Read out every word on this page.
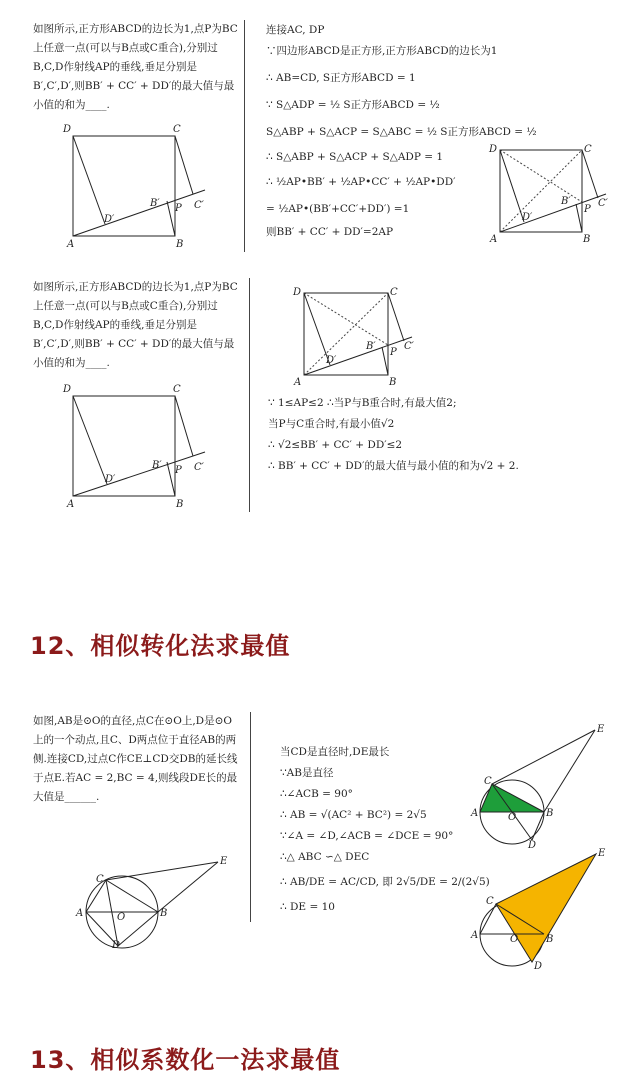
如图所示,正方形ABCD的边长为1,点P为BC上任意一点(可以与B点或C重合),分别过B,C,D作射线AP的垂线,垂足分别是B′,C′,D′,则BB′ + CC′ + DD′的最大值与最小值的和为____.
D	C
A	B
D′
B′ P C′
连接AC, DP
∵四边形ABCD是正方形,正方形ABCD的边长为1
∴ AB=CD, S正方形ABCD = 1
∵ S△ADP = ½ S正方形ABCD = ½
S△ABP + S△ACP = S△ABC = ½ S正方形ABCD = ½
∴ S△ABP + S△ACP + S△ADP = 1
∴ ½AP•BB′ + ½AP•CC′ + ½AP•DD′
= ½AP•(BB′+CC′+DD′) =1
则BB′ + CC′ + DD′=2AP
D	C
A	B
D′
B′
P
C′
如图所示,正方形ABCD的边长为1,点P为BC上任意一点(可以与B点或C重合),分别过B,C,D作射线AP的垂线,垂足分别是B′,C′,D′,则BB′ + CC′ + DD′的最大值与最小值的和为____.
D	C
A	B
D′
B′ P C′
D	C
A	B
D′
B′
P
C′
∵ 1≤AP≤2 ∴当P与B重合时,有最大值2;
当P与C重合时,有最小值√2
∴ √2≤BB′ + CC′ + DD′≤2
∴ BB′ + CC′ + DD′的最大值与最小值的和为√2 + 2.
12、相似转化法求最值
如图,AB是⊙O的直径,点C在⊙O上,D是⊙O上的一个动点,且C、D两点位于直径AB的两侧.连接CD,过点C作CE⊥CD交DB的延长线于点E.若AC = 2,BC = 4,则线段DE长的最大值是______.
C
A	O	B
E
D
当CD是直径时,DE最长
∵AB是直径
∴∠ACB = 90°
∴ AB = √(AC² + BC²) = 2√5
∵∠A = ∠D,∠ACB = ∠DCE = 90°
∴△ ABC ∽△ DEC
∴ AB/DE = AC/CD, 即 2√5/DE = 2/(2√5)
∴ DE = 10
C
A	O	B
E
D
C
A	O	B
E
D
13、相似系数化一法求最值
